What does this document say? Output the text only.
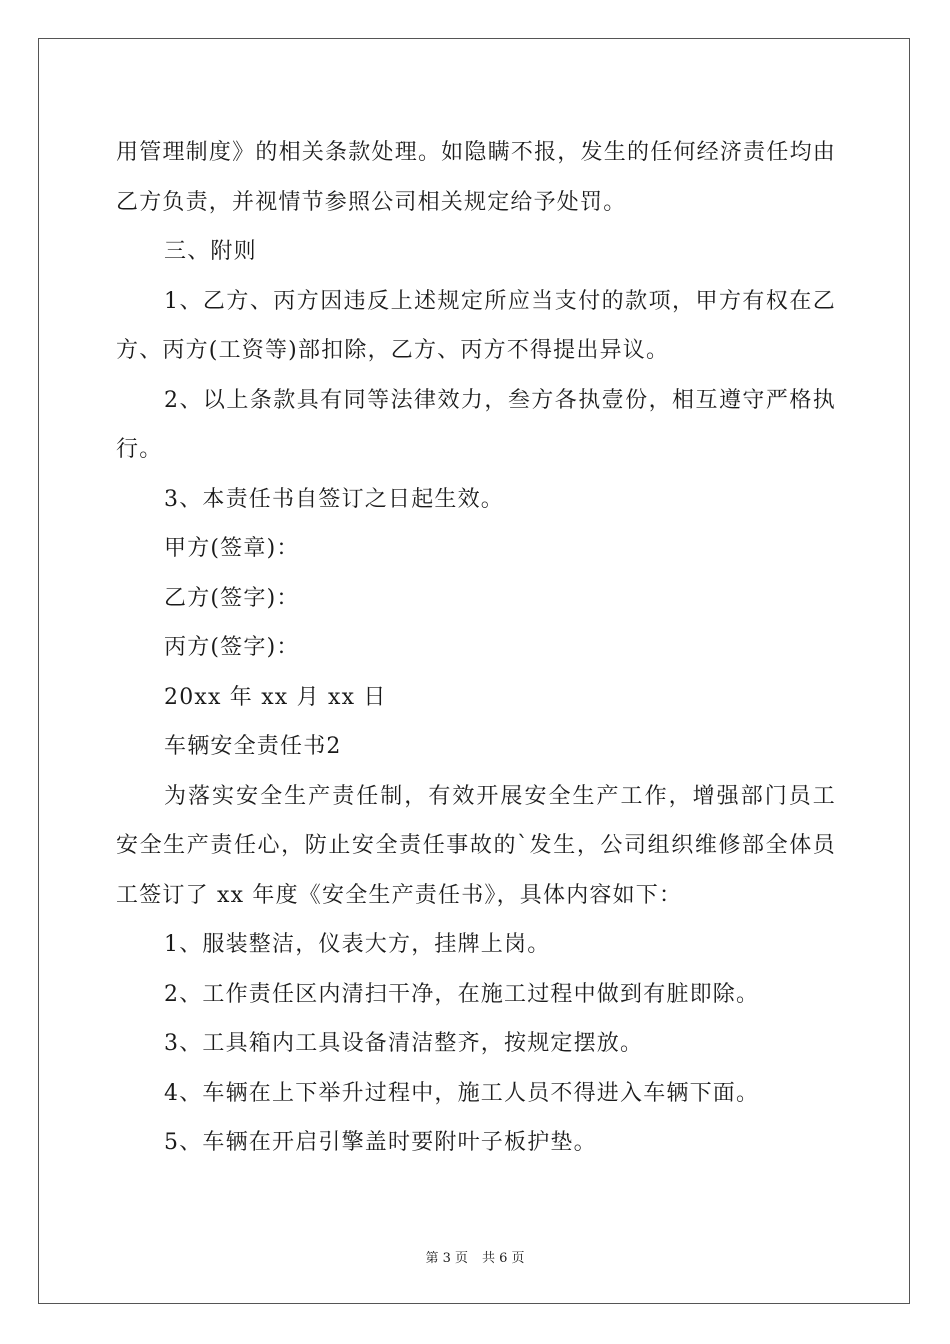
用管理制度》的相关条款处理。如隐瞒不报，发生的任何经济责任均由乙方负责，并视情节参照公司相关规定给予处罚。

三、附则

1、乙方、丙方因违反上述规定所应当支付的款项，甲方有权在乙方、丙方(工资等)部扣除，乙方、丙方不得提出异议。

2、以上条款具有同等法律效力，叁方各执壹份，相互遵守严格执行。

3、本责任书自签订之日起生效。

甲方(签章)：

乙方(签字)：

丙方(签字)：

20xx 年 xx 月 xx 日

车辆安全责任书2

为落实安全生产责任制，有效开展安全生产工作，增强部门员工安全生产责任心，防止安全责任事故的`发生，公司组织维修部全体员工签订了 xx 年度《安全生产责任书》，具体内容如下：

1、服装整洁，仪表大方，挂牌上岗。

2、工作责任区内清扫干净，在施工过程中做到有脏即除。

3、工具箱内工具设备清洁整齐，按规定摆放。

4、车辆在上下举升过程中，施工人员不得进入车辆下面。

5、车辆在开启引擎盖时要附叶子板护垫。

第 3 页 共 6 页
